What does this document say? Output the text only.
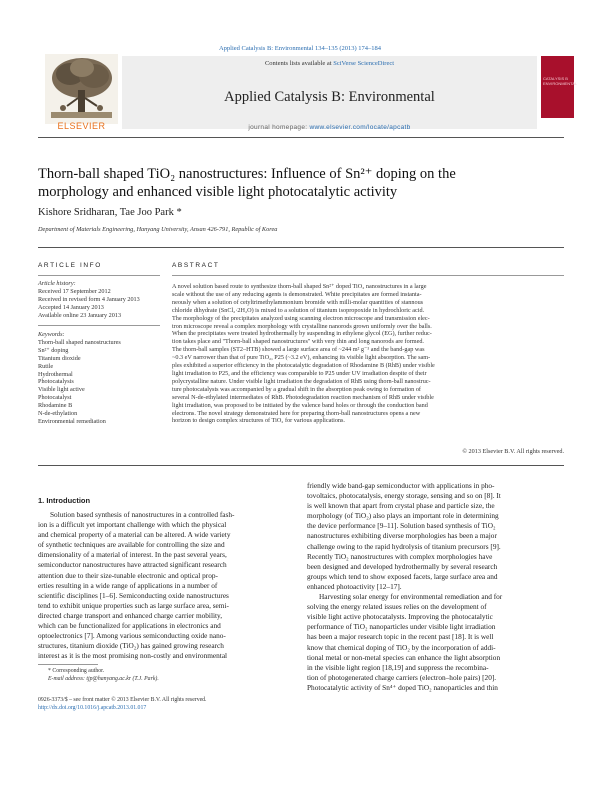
Applied Catalysis B: Environmental 134–135 (2013) 174–184
Contents lists available at SciVerse ScienceDirect
Applied Catalysis B: Environmental
journal homepage: www.elsevier.com/locate/apcatb
ELSEVIER
CATALYSIS B ENVIRONMENTAL
Thorn-ball shaped TiO₂ nanostructures: Influence of Sn²⁺ doping on the
morphology and enhanced visible light photocatalytic activity
Kishore Sridharan, Tae Joo Park *
Department of Materials Engineering, Hanyang University, Ansan 426-791, Republic of Korea
ARTICLE INFO	ABSTRACT
Article history:
Received 17 September 2012
Received in revised form 4 January 2013
Accepted 14 January 2013
Available online 23 January 2013
Keywords:
Thorn-ball shaped nanostructures
Sn²⁺ doping
Titanium dioxide
Rutile
Hydrothermal
Photocatalysis
Visible light active
Photocatalyst
Rhodamine B
N-de-ethylation
Environmental remediation
A novel solution based route to synthesize thorn-ball shaped Sn²⁺ doped TiO₂ nanostructures in a large
scale without the use of any reducing agents is demonstrated. White precipitates are formed instanta-
neously when a solution of cetyltrimethylammonium bromide with milli-molar quantities of stannous
chloride dihydrate (SnCl₂·2H₂O) is mixed to a solution of titanium isopropoxide in hydrochloric acid.
The morphology of the precipitates analyzed using scanning electron microscope and transmission elec-
tron microscope reveal a complex morphology with crystalline nanorods grown uniformly over the balls.
When the precipitates were treated hydrothermally by suspending in ethylene glycol (EG), further reduc-
tion takes place and "Thorn-ball shaped nanostructures" with very thin and long nanorods are formed.
The thorn-ball samples (ST2–HTB) showed a large surface area of ~244 m² g⁻¹ and the band-gap was
~0.3 eV narrower than that of pure TiO₂, P25 (~3.2 eV), enhancing its visible light absorption. The sam-
ples exhibited a superior efficiency in the photocatalytic degradation of Rhodamine B (RhB) under visible
light irradiation to P25, and the efficiency was comparable to P25 under UV irradiation despite of their
polycrystalline nature. Under visible light irradiation the degradation of RhB using thorn-ball nanostruc-
ture photocatalysts was accompanied by a gradual shift in the absorption peak owing to formation of
several N-de-ethylated intermediates of RhB. Photodegradation reaction mechanism of RhB under visible
light irradiation, was proposed to be initiated by the valence band holes or through the conduction band
electrons. The novel strategy demonstrated here for preparing thorn-ball nanostructures opens a new
horizon to design complex structures of TiO₂ for various applications.
© 2013 Elsevier B.V. All rights reserved.
1. Introduction
Solution based synthesis of nanostructures in a controlled fash-
ion is a difficult yet important challenge with which the physical
and chemical property of a material can be altered. A wide variety
of synthetic techniques are available for controlling the size and
dimensionality of a material of interest. In the past several years,
semiconductor nanostructures have attracted significant research
attention due to their size-tunable electronic and optical prop-
erties resulting in a wide range of applications in a number of
scientific disciplines [1–6]. Semiconducting oxide nanostructures
tend to exhibit unique properties such as large surface area, semi-
directed charge transport and enhanced charge carrier mobility,
which can be functionalized for applications in electronics and
optoelectronics [7]. Among various semiconducting oxide nano-
structures, titanium dioxide (TiO₂) has gained growing research
interest as it is the most promising non-costly and environmental
friendly wide band-gap semiconductor with applications in pho-
tovoltaics, photocatalysis, energy storage, sensing and so on [8]. It
is well known that apart from crystal phase and particle size, the
morphology (of TiO₂) also plays an important role in determining
the device performance [9–11]. Solution based synthesis of TiO₂
nanostructures exhibiting diverse morphologies has been a major
challenge owing to the rapid hydrolysis of titanium precursors [9].
Recently TiO₂ nanostructures with complex morphologies have
been designed and developed hydrothermally by several research
groups which tend to show exposed facets, large surface area and
enhanced photoactivity [12–17].
Harvesting solar energy for environmental remediation and for
solving the energy related issues relies on the development of
visible light active photocatalysts. Improving the photocatalytic
performance of TiO₂ nanoparticles under visible light irradiation
has been a major research topic in the recent past [18]. It is well
know that chemical doping of TiO₂ by the incorporation of addi-
tional metal or non-metal species can enhance the light absorption
in the visible light region [18,19] and suppress the recombina-
tion of photogenerated charge carriers (electron–hole pairs) [20].
Photocatalytic activity of Sn⁴⁺ doped TiO₂ nanoparticles and thin
* Corresponding author.
E-mail address: tjp@hanyang.ac.kr (T.J. Park).
0926-3373/$ – see front matter © 2013 Elsevier B.V. All rights reserved.
http://dx.doi.org/10.1016/j.apcatb.2013.01.017
